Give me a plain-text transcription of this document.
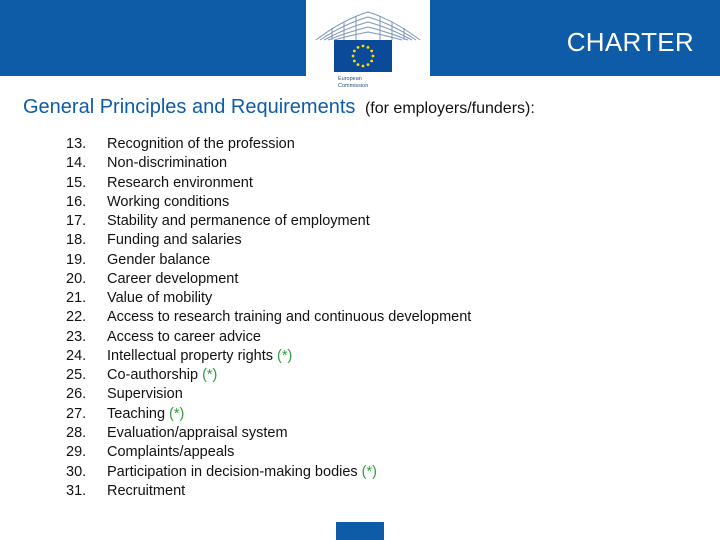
CHARTER
European
Commission
General Principles and Requirements (for employers/funders):
13. Recognition of the profession
14. Non-discrimination
15. Research environment
16. Working conditions
17. Stability and permanence of employment
18. Funding and salaries
19. Gender balance
20. Career development
21. Value of mobility
22. Access to research training and continuous development
23. Access to career advice
24. Intellectual property rights (*)
25. Co-authorship (*)
26. Supervision
27. Teaching (*)
28. Evaluation/appraisal system
29. Complaints/appeals
30. Participation in decision-making bodies (*)
31. Recruitment
